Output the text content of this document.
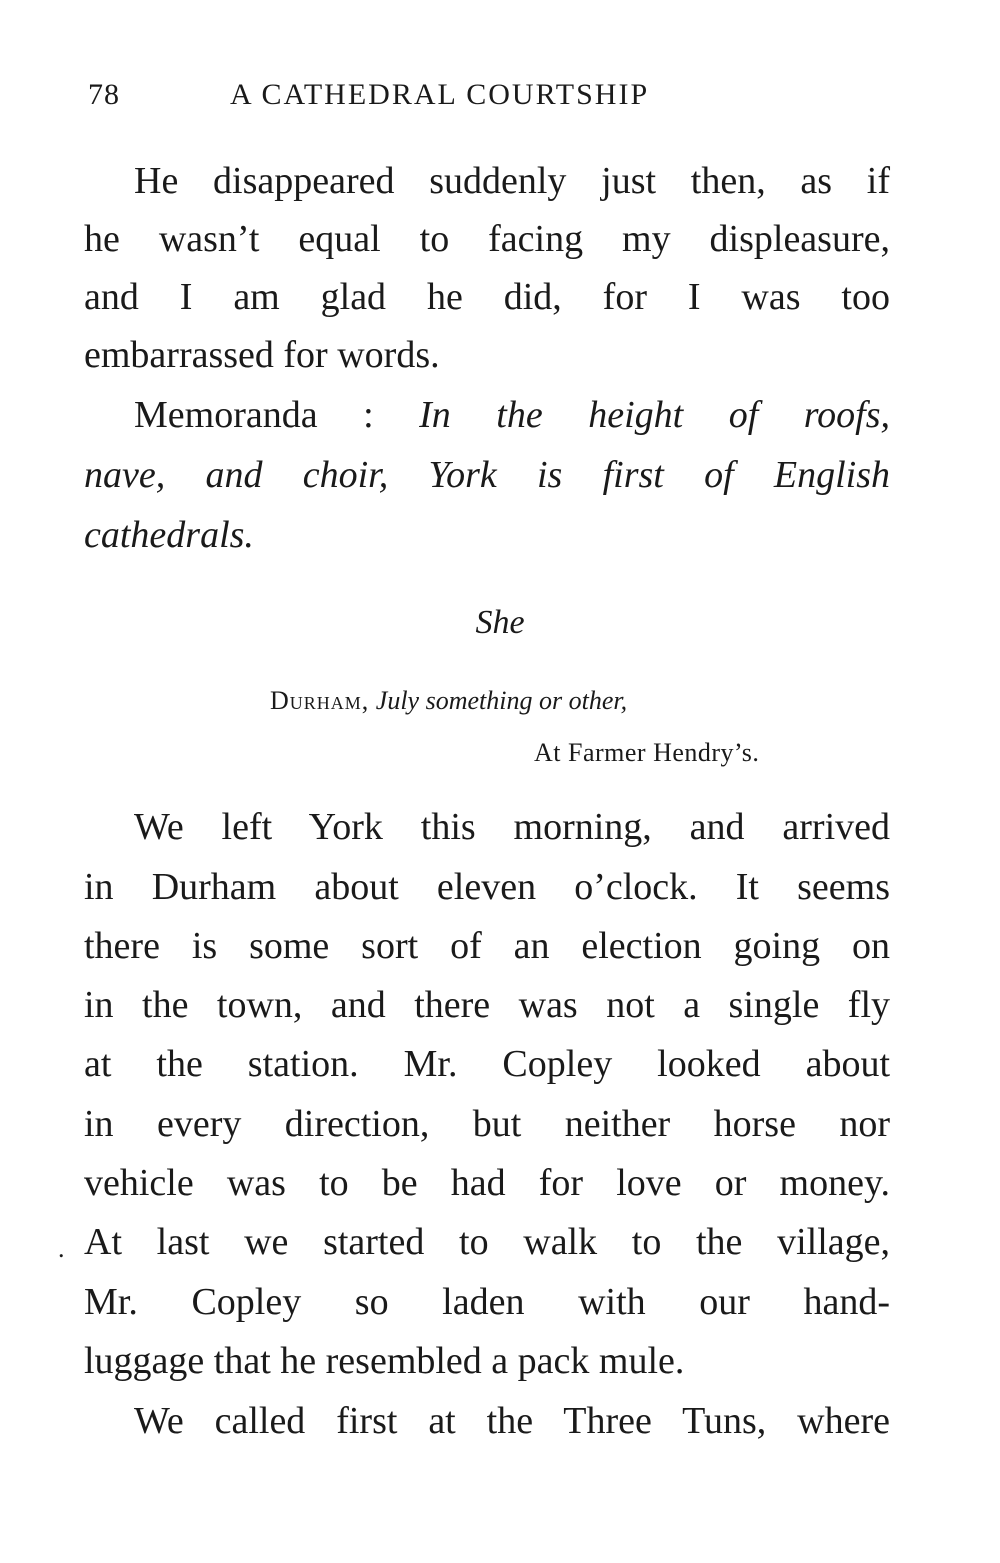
78	A CATHEDRAL COURTSHIP
He disappeared suddenly just then, as if
he wasn’t equal to facing my displeasure,
and I am glad he did, for I was too
embarrassed for words.
Memoranda : In the height of roofs,
nave, and choir, York is first of English
cathedrals.
She
Durham, July something or other,
At Farmer Hendry’s.
We left York this morning, and arrived
in Durham about eleven o’clock. It seems
there is some sort of an election going on
in the town, and there was not a single fly
at the station. Mr. Copley looked about
in every direction, but neither horse nor
vehicle was to be had for love or money.
At last we started to walk to the village,
Mr. Copley so laden with our hand-
luggage that he resembled a pack mule.
We called first at the Three Tuns, where
.
